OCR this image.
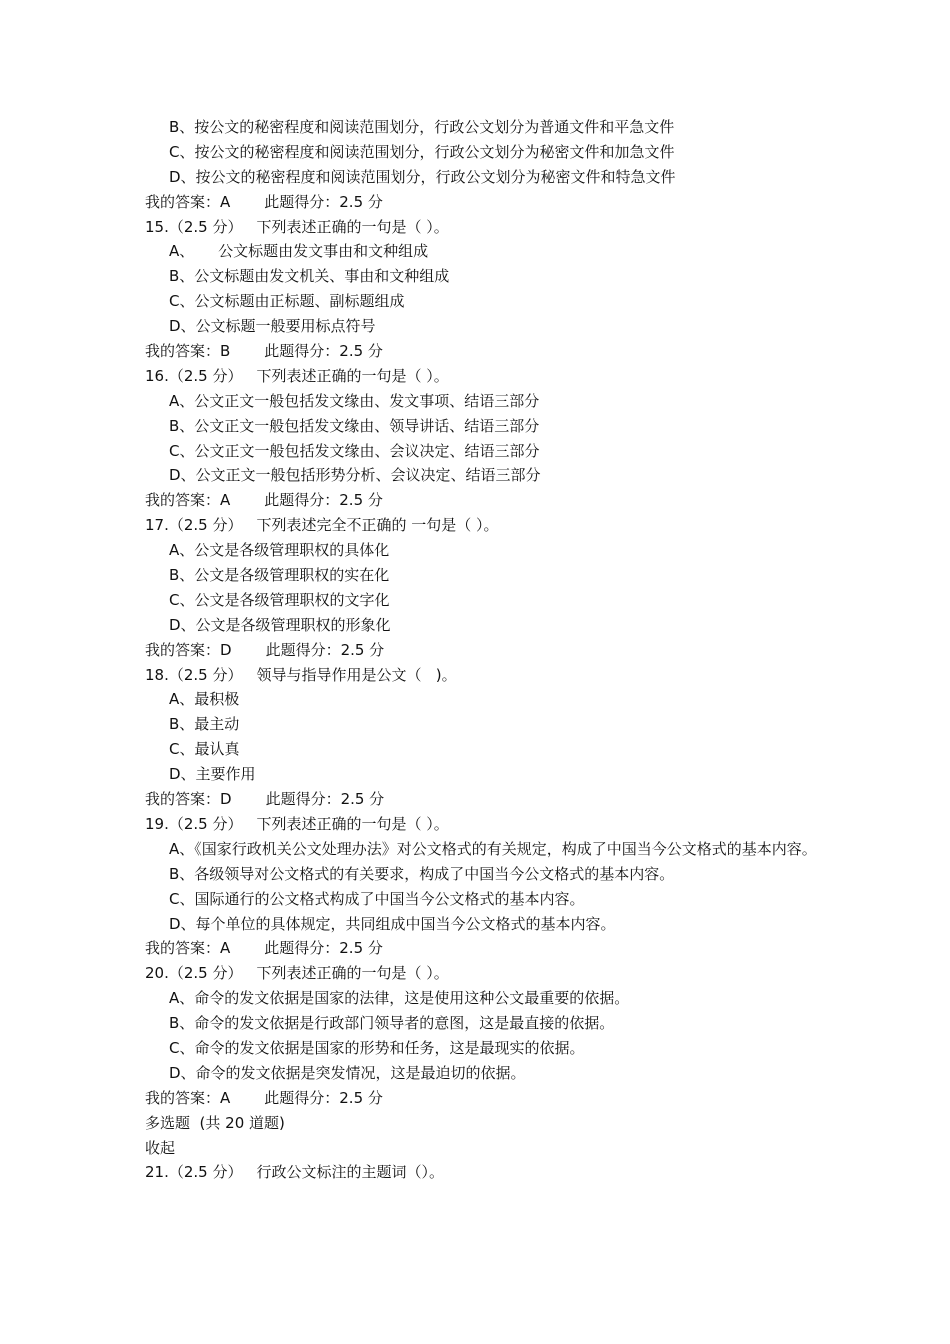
B、按公文的秘密程度和阅读范围划分，行政公文划分为普通文件和平急文件
C、按公文的秘密程度和阅读范围划分，行政公文划分为秘密文件和加急文件
D、按公文的秘密程度和阅读范围划分，行政公文划分为秘密文件和特急文件
我的答案：A 此题得分：2.5 分
15.（2.5 分） 下列表述正确的一句是（ ）。
A、     公文标题由发文事由和文种组成
B、公文标题由发文机关、事由和文种组成
C、公文标题由正标题、副标题组成
D、公文标题一般要用标点符号
我的答案：B 此题得分：2.5 分
16.（2.5 分） 下列表述正确的一句是（ ）。
A、公文正文一般包括发文缘由、发文事项、结语三部分
B、公文正文一般包括发文缘由、领导讲话、结语三部分
C、公文正文一般包括发文缘由、会议决定、结语三部分
D、公文正文一般包括形势分析、会议决定、结语三部分
我的答案：A 此题得分：2.5 分
17.（2.5 分） 下列表述完全不正确的 一句是（ ）。
A、公文是各级管理职权的具体化
B、公文是各级管理职权的实在化
C、公文是各级管理职权的文字化
D、公文是各级管理职权的形象化
我的答案：D 此题得分：2.5 分
18.（2.5 分） 领导与指导作用是公文（   )。
A、最积极
B、最主动
C、最认真
D、主要作用
我的答案：D 此题得分：2.5 分
19.（2.5 分） 下列表述正确的一句是（ ）。
A、《国家行政机关公文处理办法》对公文格式的有关规定，构成了中国当今公文格式的基本内容。
B、各级领导对公文格式的有关要求，构成了中国当今公文格式的基本内容。
C、国际通行的公文格式构成了中国当今公文格式的基本内容。
D、每个单位的具体规定，共同组成中国当今公文格式的基本内容。
我的答案：A 此题得分：2.5 分
20.（2.5 分） 下列表述正确的一句是（ ）。
A、命令的发文依据是国家的法律，这是使用这种公文最重要的依据。
B、命令的发文依据是行政部门领导者的意图，这是最直接的依据。
C、命令的发文依据是国家的形势和任务，这是最现实的依据。
D、命令的发文依据是突发情况，这是最迫切的依据。
我的答案：A 此题得分：2.5 分
多选题  (共 20 道题)
收起
21.（2.5 分） 行政公文标注的主题词（）。
